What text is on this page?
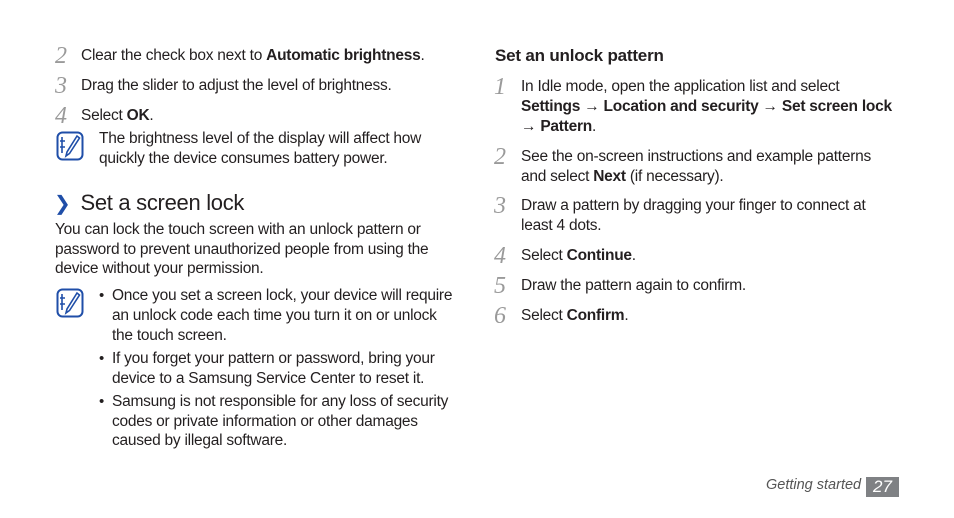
2 Clear the check box next to Automatic brightness.
3 Drag the slider to adjust the level of brightness.
4 Select OK.
The brightness level of the display will affect how
quickly the device consumes battery power.
❯ Set a screen lock
You can lock the touch screen with an unlock pattern or
password to prevent unauthorized people from using the
device without your permission.
• Once you set a screen lock, your device will require
an unlock code each time you turn it on or unlock
the touch screen.
• If you forget your pattern or password, bring your
device to a Samsung Service Center to reset it.
• Samsung is not responsible for any loss of security
codes or private information or other damages
caused by illegal software.
Set an unlock pattern
1 In Idle mode, open the application list and select
Settings → Location and security → Set screen lock
→ Pattern.
2 See the on-screen instructions and example patterns
and select Next (if necessary).
3 Draw a pattern by dragging your finger to connect at
least 4 dots.
4 Select Continue.
5 Draw the pattern again to confirm.
6 Select Confirm.
Getting started 27
